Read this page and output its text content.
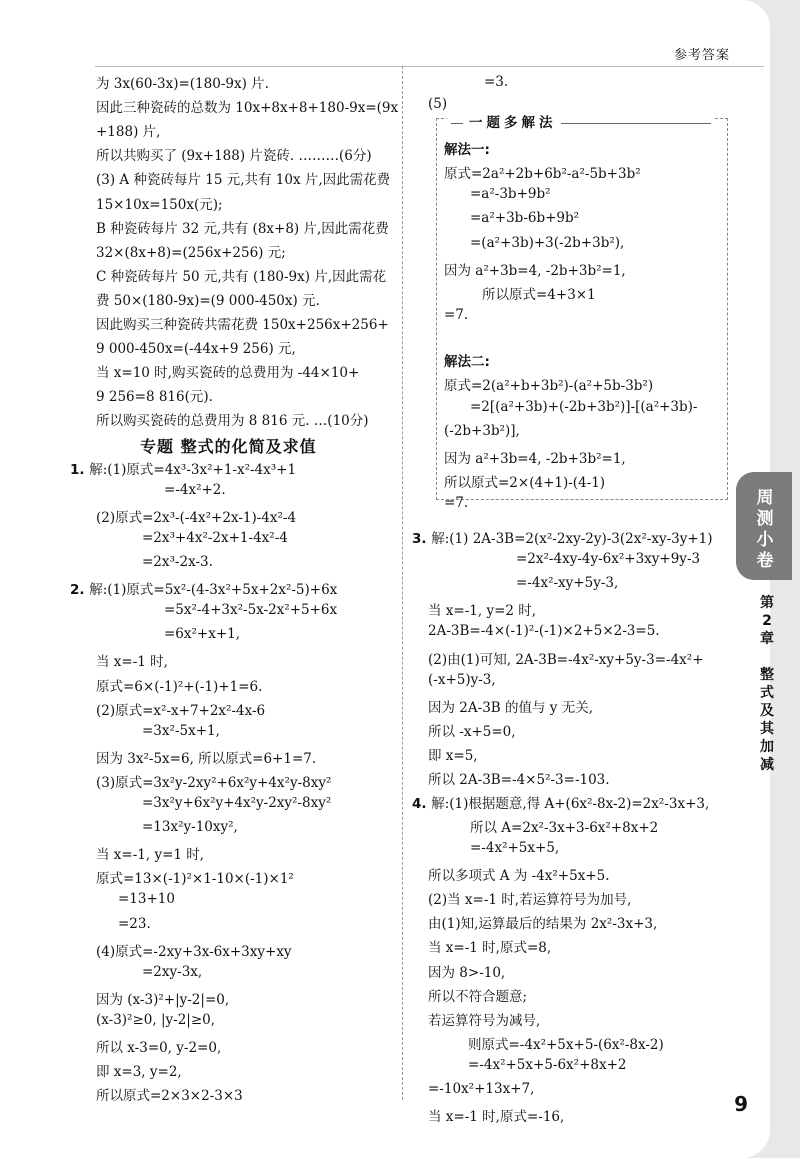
参考答案
为 3x(60-3x)=(180-9x) 片.
因此三种瓷砖的总数为 10x+8x+8+180-9x=(9x
+188) 片,
所以共购买了 (9x+188) 片瓷砖. ………(6分)
(3) A 种瓷砖每片 15 元,共有 10x 片,因此需花费
15×10x=150x(元);
B 种瓷砖每片 32 元,共有 (8x+8) 片,因此需花费
32×(8x+8)=(256x+256) 元;
C 种瓷砖每片 50 元,共有 (180-9x) 片,因此需花
费 50×(180-9x)=(9 000-450x) 元.
因此购买三种瓷砖共需花费 150x+256x+256+
9 000-450x=(-44x+9 256) 元,
当 x=10 时,购买瓷砖的总费用为 -44×10+
9 256=8 816(元).
所以购买瓷砖的总费用为 8 816 元. …(10分)
专题 整式的化简及求值
1. 解:(1)原式=4x³-3x²+1-x²-4x³+1
=-4x²+2.
(2)原式=2x³-(-4x²+2x-1)-4x²-4
=2x³+4x²-2x+1-4x²-4
=2x³-2x-3.
2. 解:(1)原式=5x²-(4-3x²+5x+2x²-5)+6x
=5x²-4+3x²-5x-2x²+5+6x
=6x²+x+1,
当 x=-1 时,
原式=6×(-1)²+(-1)+1=6.
(2)原式=x²-x+7+2x²-4x-6
=3x²-5x+1,
因为 3x²-5x=6, 所以原式=6+1=7.
(3)原式=3x²y-2xy²+6x²y+4x²y-8xy²
=3x²y+6x²y+4x²y-2xy²-8xy²
=13x²y-10xy²,
当 x=-1, y=1 时,
原式=13×(-1)²×1-10×(-1)×1²
=13+10
=23.
(4)原式=-2xy+3x-6x+3xy+xy
=2xy-3x,
因为 (x-3)²+|y-2|=0,
(x-3)²≥0, |y-2|≥0,
所以 x-3=0, y-2=0,
即 x=3, y=2,
所以原式=2×3×2-3×3
一题多解法
=3.
(5)
解法一:
原式=2a²+2b+6b²-a²-5b+3b²
=a²-3b+9b²
=a²+3b-6b+9b²
=(a²+3b)+3(-2b+3b²),
因为 a²+3b=4, -2b+3b²=1,
所以原式=4+3×1
=7.
解法二:
原式=2(a²+b+3b²)-(a²+5b-3b²)
=2[(a²+3b)+(-2b+3b²)]-[(a²+3b)-
(-2b+3b²)],
因为 a²+3b=4, -2b+3b²=1,
所以原式=2×(4+1)-(4-1)
=7.
3. 解:(1) 2A-3B=2(x²-2xy-2y)-3(2x²-xy-3y+1)
=2x²-4xy-4y-6x²+3xy+9y-3
=-4x²-xy+5y-3,
当 x=-1, y=2 时,
2A-3B=-4×(-1)²-(-1)×2+5×2-3=5.
(2)由(1)可知, 2A-3B=-4x²-xy+5y-3=-4x²+
(-x+5)y-3,
因为 2A-3B 的值与 y 无关,
所以 -x+5=0,
即 x=5,
所以 2A-3B=-4×5²-3=-103.
4. 解:(1)根据题意,得 A+(6x²-8x-2)=2x²-3x+3,
所以 A=2x²-3x+3-6x²+8x+2
=-4x²+5x+5,
所以多项式 A 为 -4x²+5x+5.
(2)当 x=-1 时,若运算符号为加号,
由(1)知,运算最后的结果为 2x²-3x+3,
当 x=-1 时,原式=8,
因为 8>-10,
所以不符合题意;
若运算符号为减号,
则原式=-4x²+5x+5-(6x²-8x-2)
=-4x²+5x+5-6x²+8x+2
=-10x²+13x+7,
当 x=-1 时,原式=-16,
周
测
小
卷
第
2
章

整
式
及
其
加
减
9
